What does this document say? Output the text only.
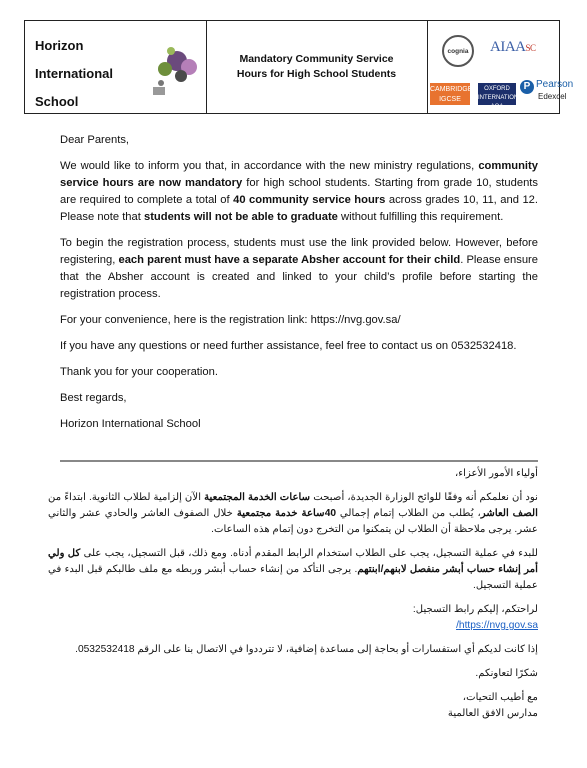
Horizon
International
School
Mandatory Community Service
Hours for High School Students
cognia	AIAASC
CAMBRIDGE IGCSE
OXFORD INTERNATIONAL AQA
P Pearson
Edexcel

Dear Parents,

We would like to inform you that, in accordance with the new ministry regulations, community service hours are now mandatory for high school students. Starting from grade 10, students are required to complete a total of 40 community service hours across grades 10, 11, and 12. Please note that students will not be able to graduate without fulfilling this requirement.

To begin the registration process, students must use the link provided below. However, before registering, each parent must have a separate Absher account for their child. Please ensure that the Absher account is created and linked to your child’s profile before starting the registration process.

For your convenience, here is the registration link: https://nvg.gov.sa/

If you have any questions or need further assistance, feel free to contact us on 0532532418.

Thank you for your cooperation.

Best regards,

Horizon International School

أولياء الأمور الأعزاء،

نود أن نعلمكم أنه وفقًا للوائح الوزارة الجديدة، أصبحت ساعات الخدمة المجتمعية الآن إلزامية لطلاب الثانوية. ابتداءً من الصف العاشر، يُطلب من الطلاب إتمام إجمالي 40ساعة خدمة مجتمعية خلال الصفوف العاشر والحادي عشر والثاني عشر. يرجى ملاحظة أن الطلاب لن يتمكنوا من التخرج دون إتمام هذه الساعات.

للبدء في عملية التسجيل، يجب على الطلاب استخدام الرابط المقدم أدناه. ومع ذلك، قبل التسجيل، يجب على كل ولي أمر إنشاء حساب أبشر منفصل لابنهم/ابنتهم. يرجى التأكد من إنشاء حساب أبشر وربطه مع ملف طالبكم قبل البدء في عملية التسجيل.

لراحتكم، إليكم رابط التسجيل:
https://nvg.gov.sa/

إذا كانت لديكم أي استفسارات أو بحاجة إلى مساعدة إضافية، لا تترددوا في الاتصال بنا على الرقم 0532532418.

شكرًا لتعاونكم.

مع أطيب التحيات،
مدارس الافق العالمية
